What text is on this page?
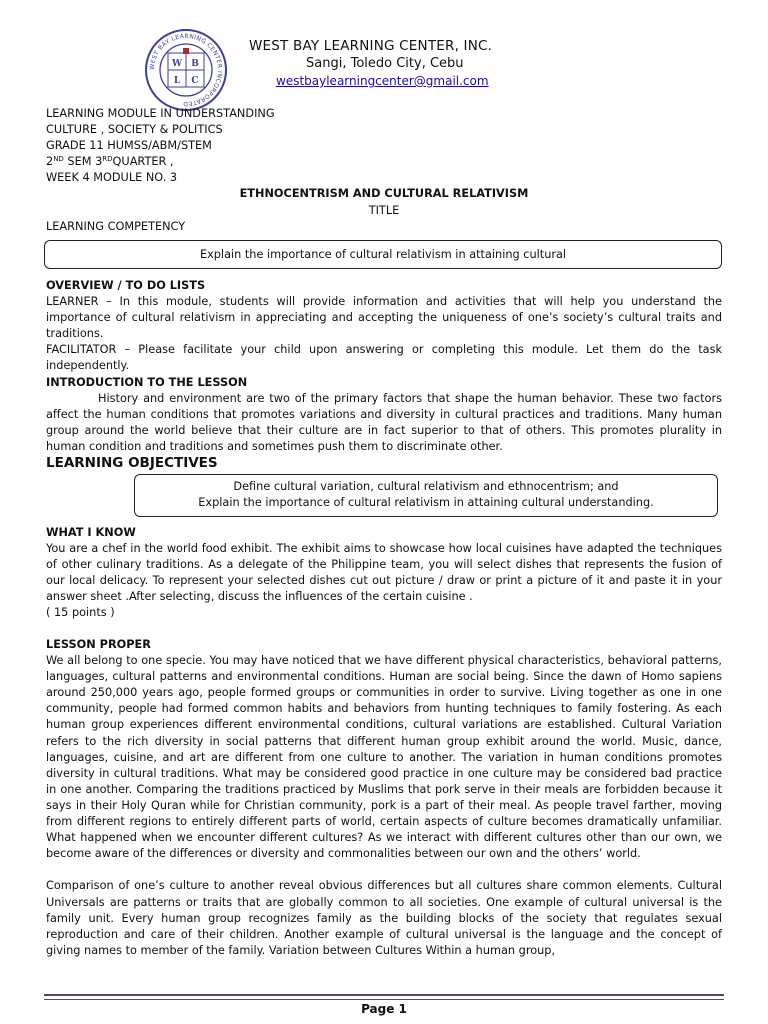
WEST BAY LEARNING CENTER INCORPORATED
W B
L C
WEST BAY LEARNING CENTER, INC.
Sangi, Toledo City, Cebu
westbaylearningcenter@gmail.com
LEARNING MODULE IN UNDERSTANDING
CULTURE , SOCIETY & POLITICS
GRADE 11 HUMSS/ABM/STEM
2ND SEM 3RDQUARTER ,
WEEK 4 MODULE NO. 3
ETHNOCENTRISM AND CULTURAL RELATIVISM
TITLE
LEARNING COMPETENCY
Explain the importance of cultural relativism in attaining cultural

OVERVIEW / TO DO LISTS

LEARNER – In this module, students will provide information and activities that will help you understand the importance of cultural relativism in appreciating and accepting the uniqueness of one’s society’s cultural traits and traditions.

FACILITATOR – Please facilitate your child upon answering or completing this module. Let them do the task independently.

INTRODUCTION TO THE LESSON

History and environment are two of the primary factors that shape the human behavior. These two factors affect the human conditions that promotes variations and diversity in cultural practices and traditions. Many human group around the world believe that their culture are in fact superior to that of others. This promotes plurality in human condition and traditions and sometimes push them to discriminate other.

LEARNING OBJECTIVES
Define cultural variation, cultural relativism and ethnocentrism; and
Explain the importance of cultural relativism in attaining cultural understanding.

WHAT I KNOW

You are a chef in the world food exhibit. The exhibit aims to showcase how local cuisines have adapted the techniques of other culinary traditions. As a delegate of the Philippine team, you will select dishes that represents the fusion of our local delicacy. To represent your selected dishes cut out picture / draw or print a picture of it and paste it in your answer sheet .After selecting, discuss the influences of the certain cuisine .

( 15 points )

LESSON PROPER

We all belong to one specie. You may have noticed that we have different physical characteristics, behavioral patterns, languages, cultural patterns and environmental conditions. Human are social being. Since the dawn of Homo sapiens around 250,000 years ago, people formed groups or communities in order to survive. Living together as one in one community, people had formed common habits and behaviors from hunting techniques to family fostering. As each human group experiences different environmental conditions, cultural variations are established. Cultural Variation refers to the rich diversity in social patterns that different human group exhibit around the world. Music, dance, languages, cuisine, and art are different from one culture to another. The variation in human conditions promotes diversity in cultural traditions. What may be considered good practice in one culture may be considered bad practice in one another. Comparing the traditions practiced by Muslims that pork serve in their meals are forbidden because it says in their Holy Quran while for Christian community, pork is a part of their meal. As people travel farther, moving from different regions to entirely different parts of world, certain aspects of culture becomes dramatically unfamiliar. What happened when we encounter different cultures? As we interact with different cultures other than our own, we become aware of the differences or diversity and commonalities between our own and the others’ world.

Comparison of one’s culture to another reveal obvious differences but all cultures share common elements. Cultural Universals are patterns or traits that are globally common to all societies. One example of cultural universal is the family unit. Every human group recognizes family as the building blocks of the society that regulates sexual reproduction and care of their children. Another example of cultural universal is the language and the concept of giving names to member of the family. Variation between Cultures Within a human group,

Page 1
